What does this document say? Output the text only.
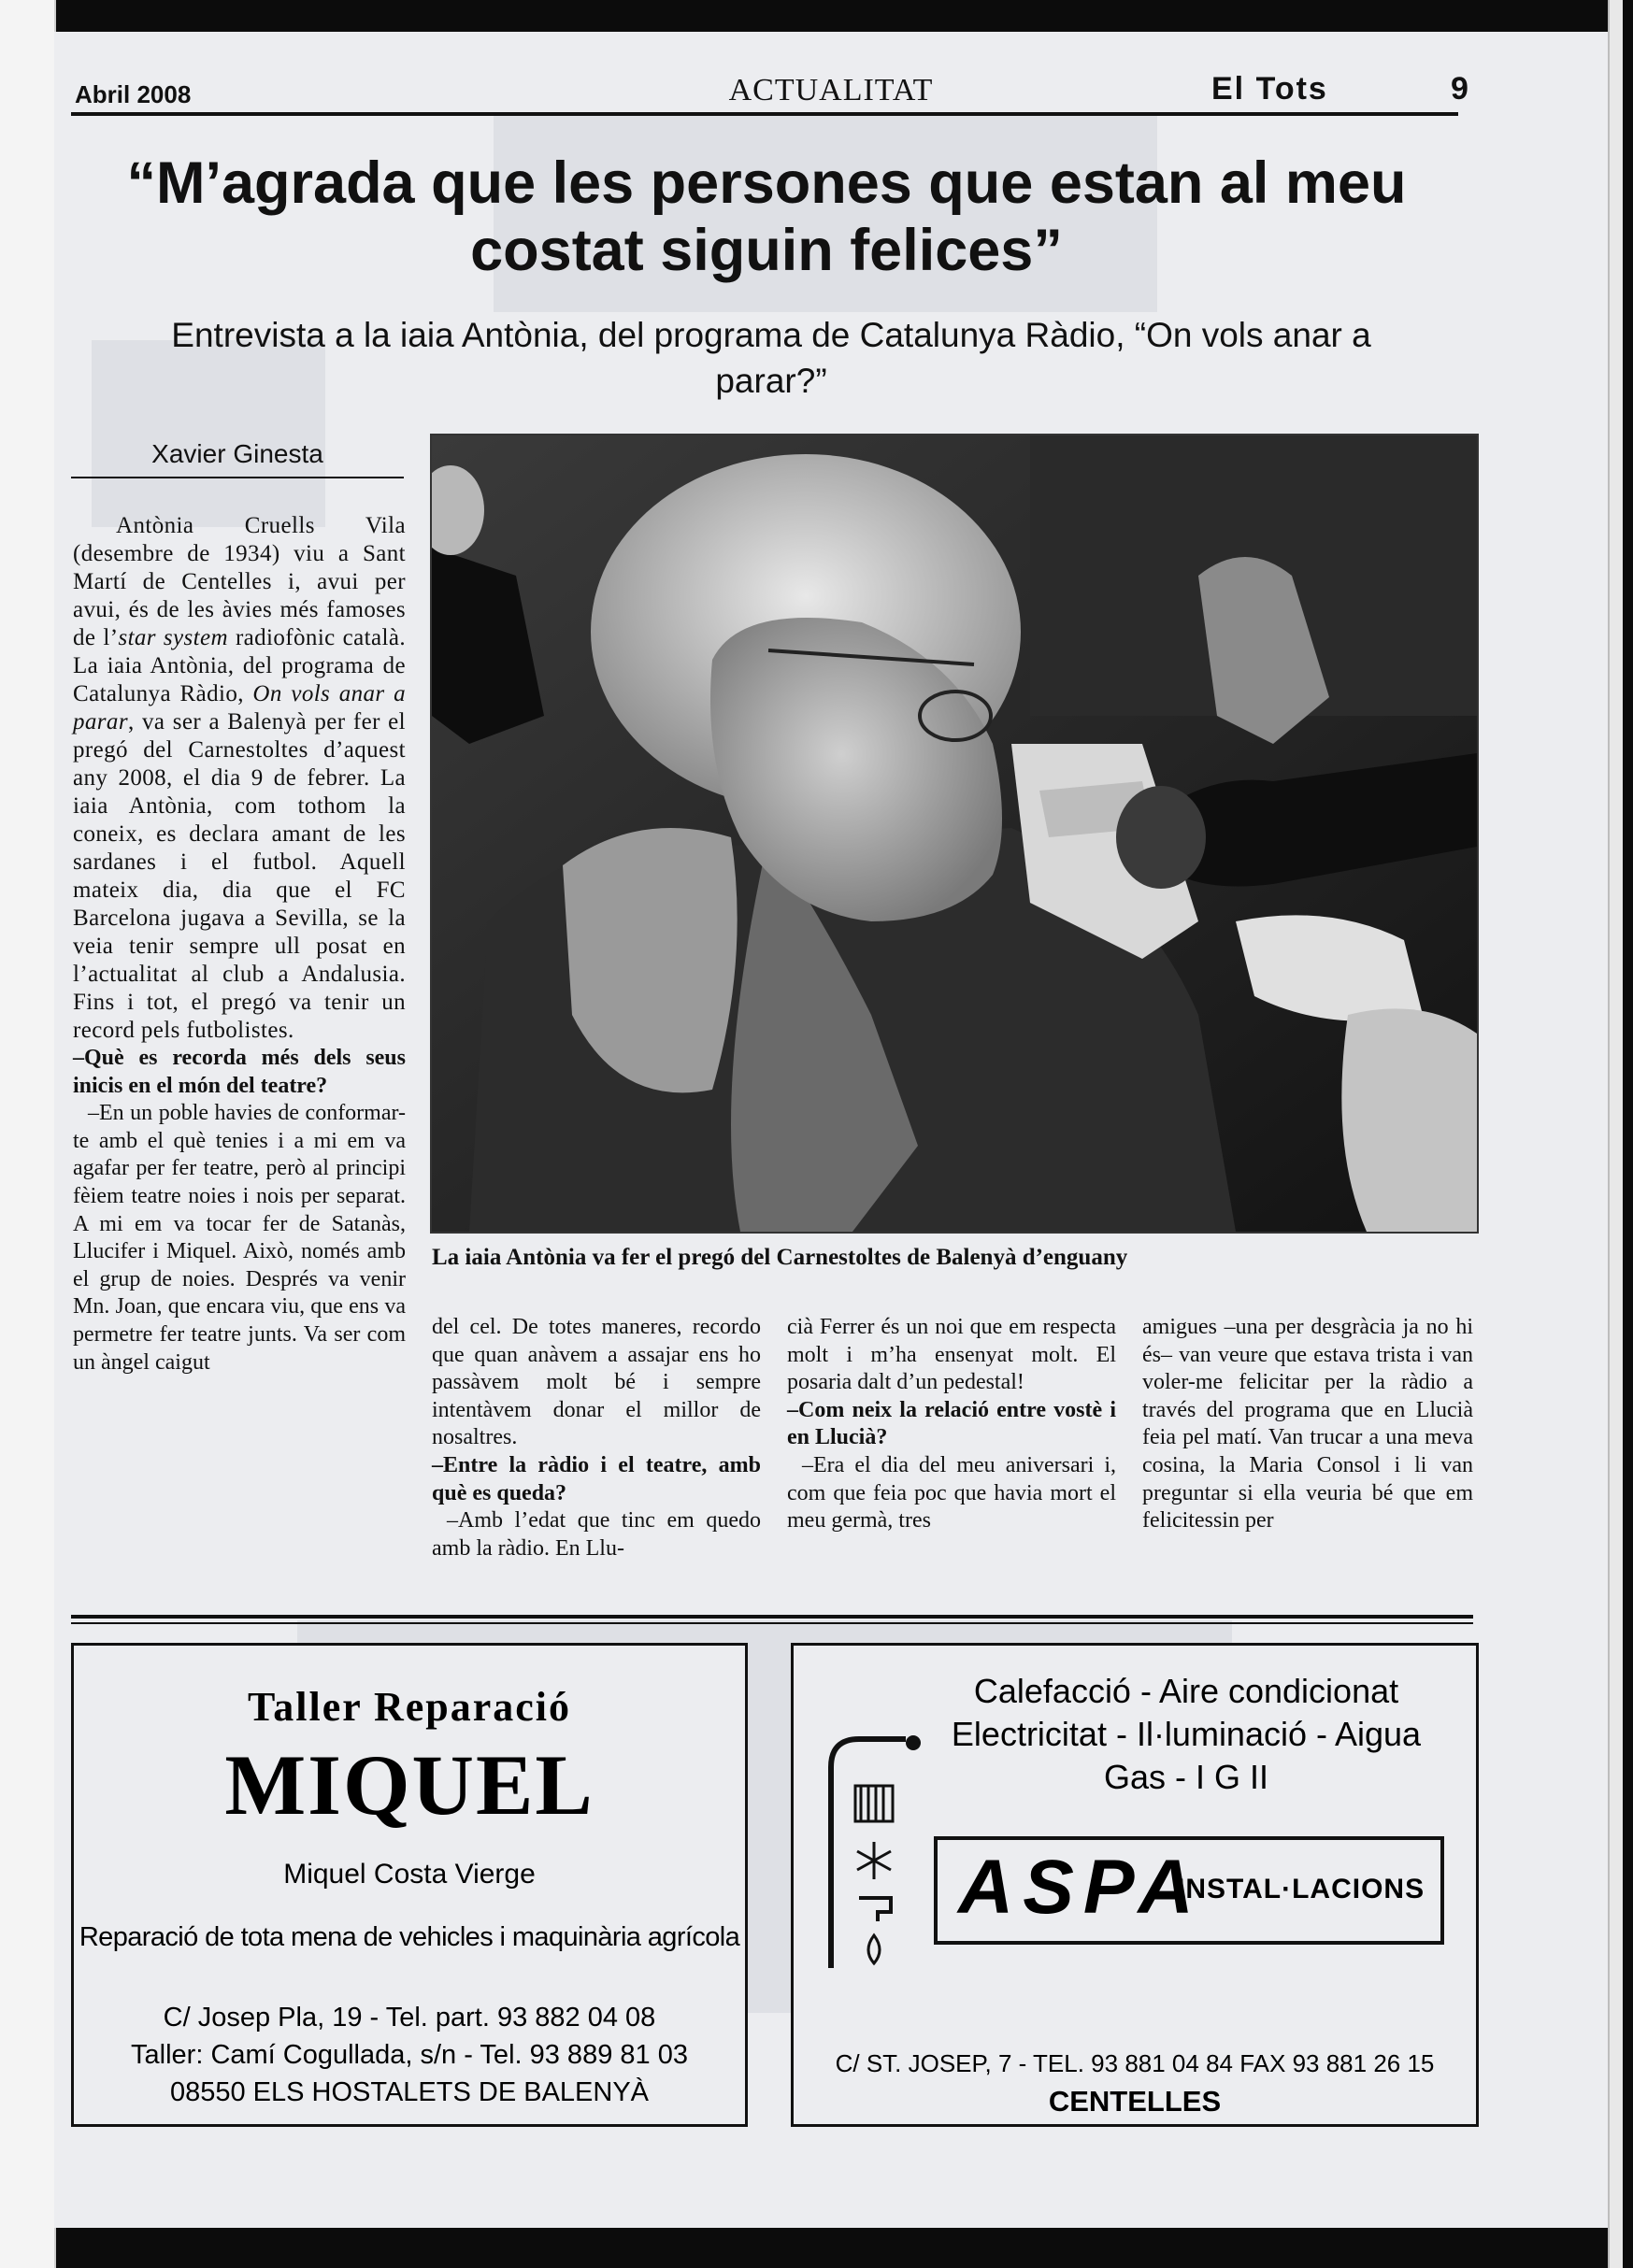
Abril 2008	ACTUALITAT	El Tots	9
“M’agrada que les persones que estan al meu costat siguin felices”

Entrevista a la iaia Antònia, del programa de Catalunya Ràdio, “On vols anar a parar?”

Xavier Ginesta

Antònia Cruells Vila (desembre de 1934) viu a Sant Martí de Centelles i, avui per avui, és de les àvies més famoses de l’star system radiofònic català. La iaia Antònia, del programa de Catalunya Ràdio, On vols anar a parar, va ser a Balenyà per fer el pregó del Carnestoltes d’aquest any 2008, el dia 9 de febrer. La iaia Antònia, com tothom la coneix, es declara amant de les sardanes i el futbol. Aquell mateix dia, dia que el FC Barcelona jugava a Sevilla, se la veia tenir sempre ull posat en l’actualitat al club a Andalusia. Fins i tot, el pregó va tenir un record pels futbolistes.

–Què es recorda més dels seus inicis en el món del teatre?

–En un poble havies de conformar-te amb el què tenies i a mi em va agafar per fer teatre, però al principi fèiem teatre noies i nois per separat. A mi em va tocar fer de Satanàs, Llucifer i Miquel. Això, només amb el grup de noies. Després va venir Mn. Joan, que encara viu, que ens va permetre fer teatre junts. Va ser com un àngel caigut

La iaia Antònia va fer el pregó del Carnestoltes de Balenyà d’enguany

del cel. De totes maneres, recordo que quan anàvem a assajar ens ho passàvem molt bé i sempre intentàvem donar el millor de nosaltres.

–Entre la ràdio i el teatre, amb què es queda?

–Amb l’edat que tinc em quedo amb la ràdio. En Llu-

cià Ferrer és un noi que em respecta molt i m’ha ensenyat molt. El posaria dalt d’un pedestal!

–Com neix la relació entre vostè i en Llucià?

–Era el dia del meu aniversari i, com que feia poc que havia mort el meu germà, tres

amigues –una per desgràcia ja no hi és– van veure que estava trista i van voler-me felicitar per la ràdio a través del programa que en Llucià feia pel matí. Van trucar a una meva cosina, la Maria Consol i li van preguntar si ella veuria bé que em felicitessin per

Taller Reparació
MIQUEL
Miquel Costa Vierge
Reparació de tota mena de vehicles i maquinària agrícola
C/ Josep Pla, 19 - Tel. part. 93 882 04 08
Taller: Camí Cogullada, s/n - Tel. 93 889 81 03
08550 ELS HOSTALETS DE BALENYÀ
Calefacció - Aire condicionat
Electricitat - Il·luminació - Aigua
Gas - I G II
ASPA
INSTAL·LACIONS
C/ ST. JOSEP, 7 - TEL. 93 881 04 84 FAX 93 881 26 15
CENTELLES
